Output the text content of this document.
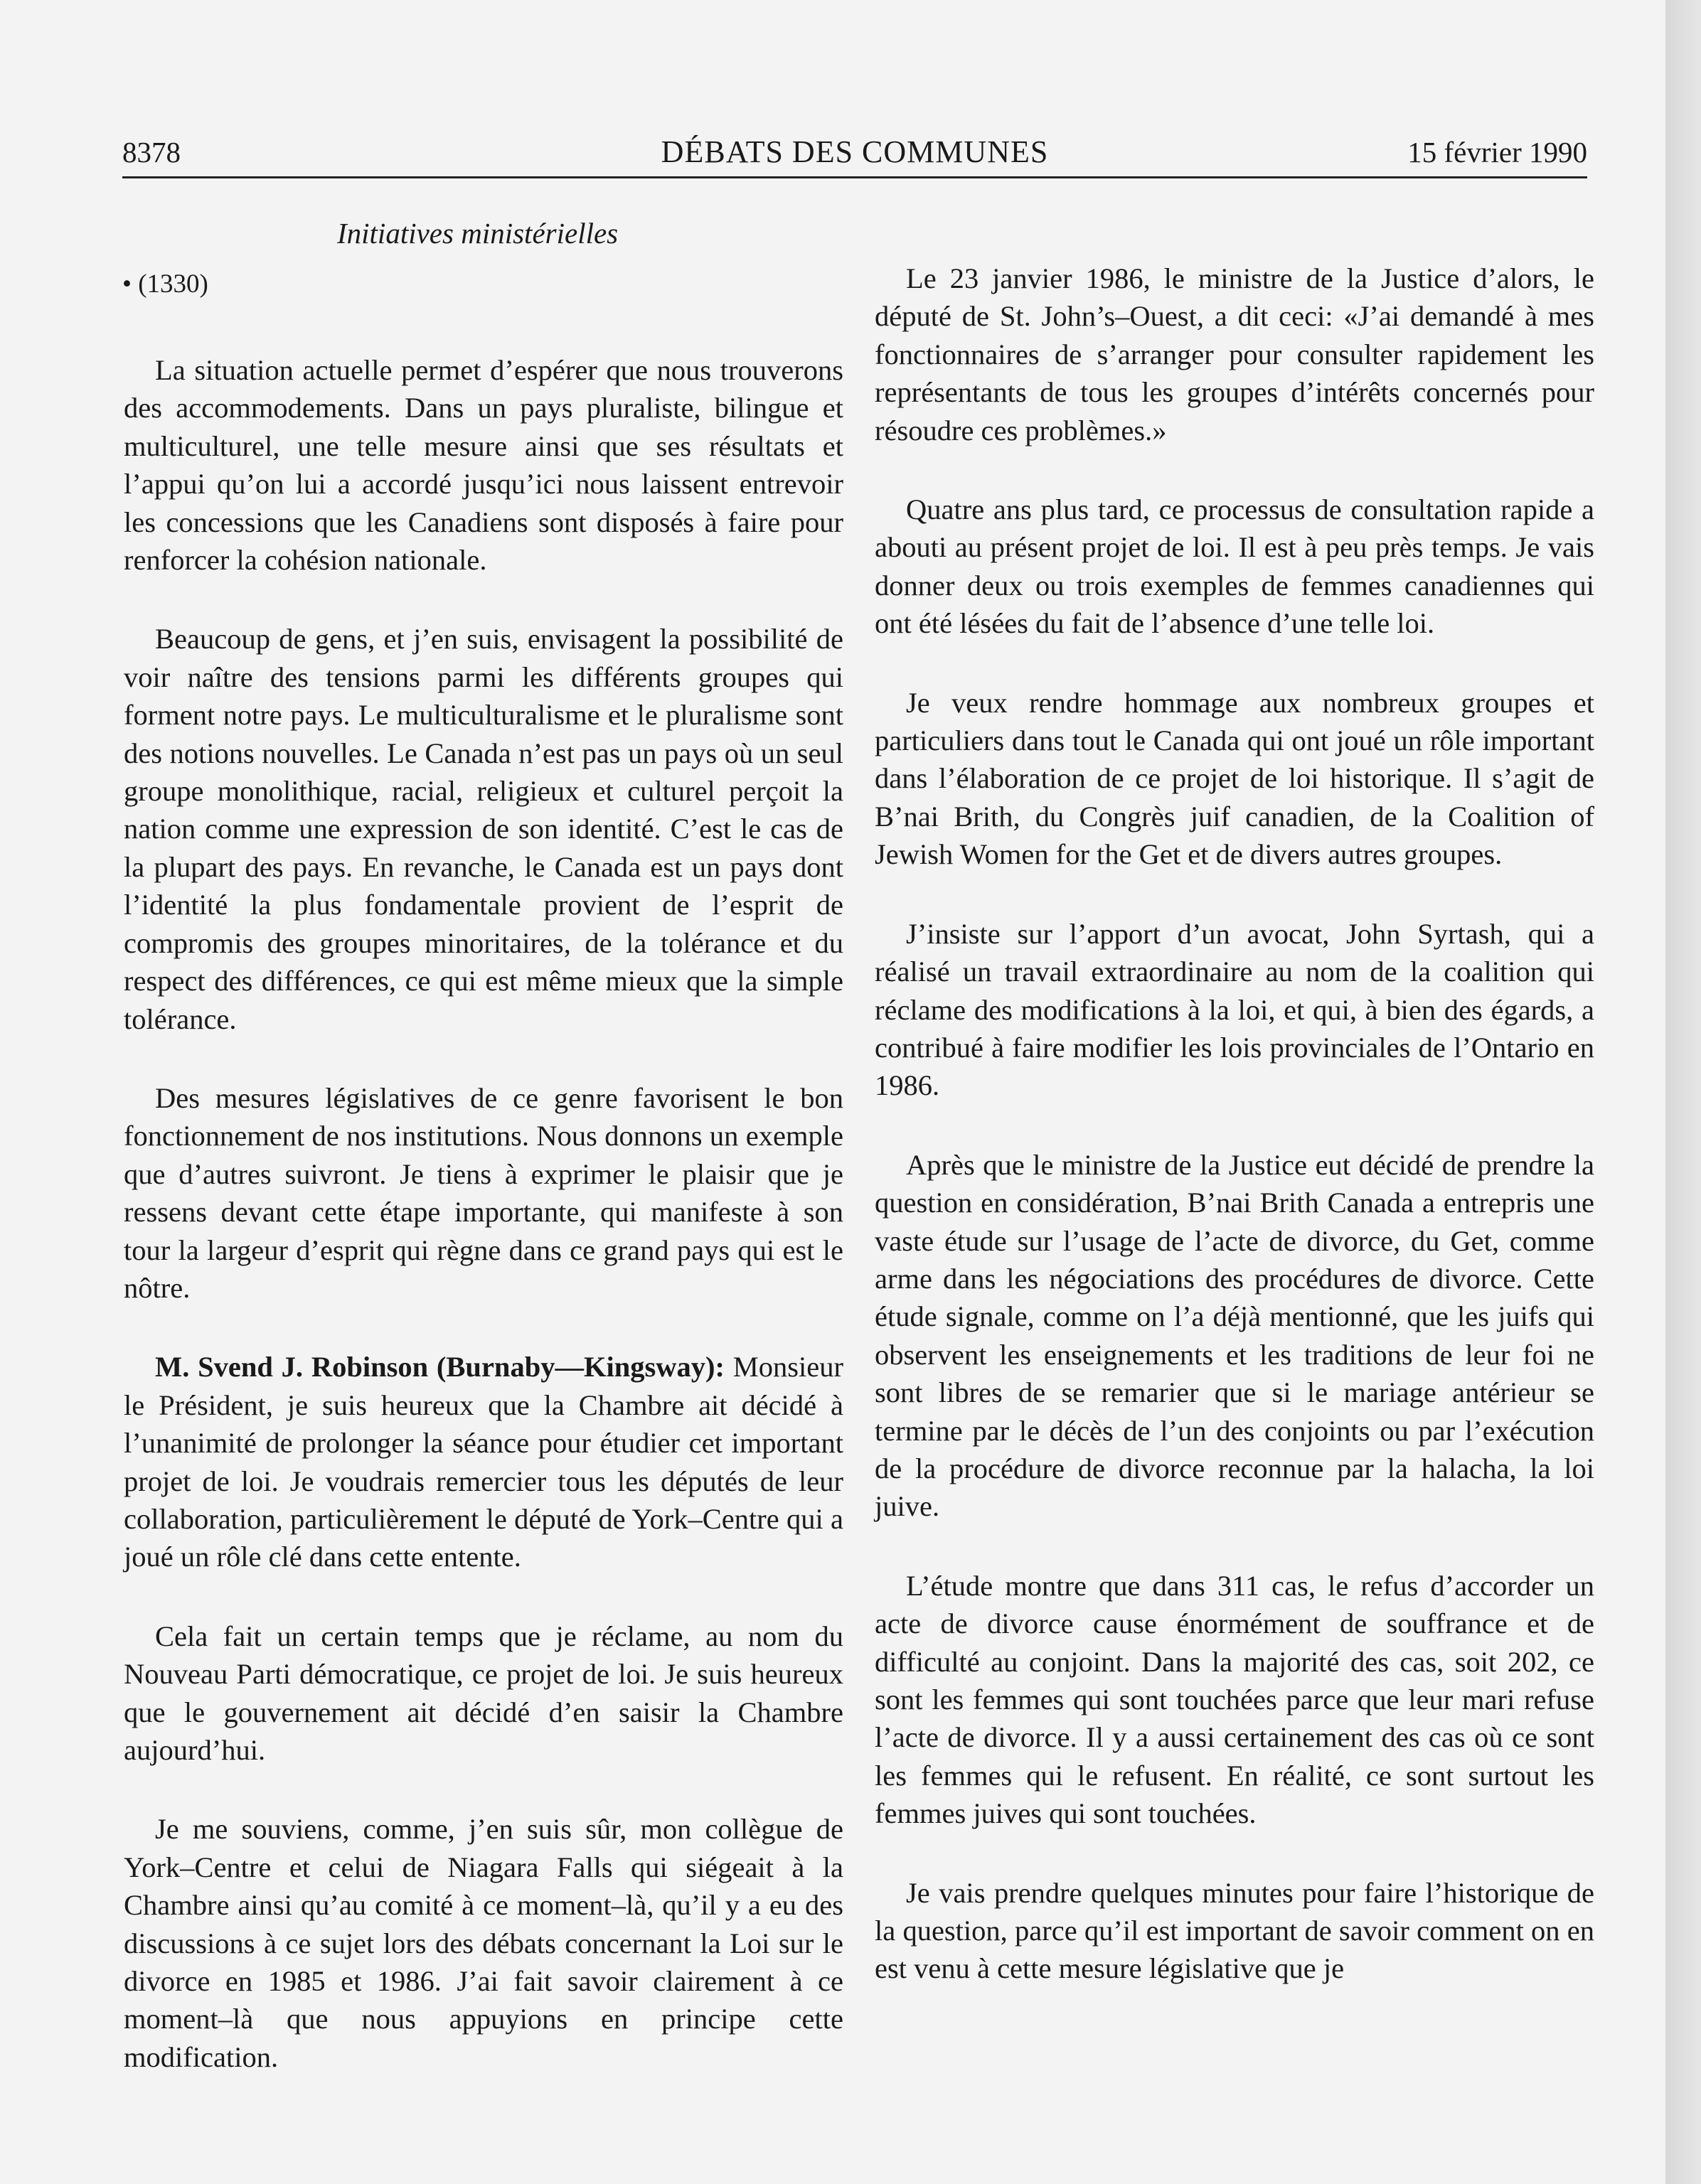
8378	DÉBATS DES COMMUNES	15 février 1990
Initiatives ministérielles
• (1330)

La situation actuelle permet d’espérer que nous trouverons des accommodements. Dans un pays pluraliste, bilingue et multiculturel, une telle mesure ainsi que ses résultats et l’appui qu’on lui a accordé jusqu’ici nous laissent entrevoir les concessions que les Canadiens sont disposés à faire pour renforcer la cohésion nationale.

Beaucoup de gens, et j’en suis, envisagent la possibilité de voir naître des tensions parmi les différents groupes qui forment notre pays. Le multiculturalisme et le pluralisme sont des notions nouvelles. Le Canada n’est pas un pays où un seul groupe monolithique, racial, religieux et culturel perçoit la nation comme une expression de son identité. C’est le cas de la plupart des pays. En revanche, le Canada est un pays dont l’identité la plus fondamentale provient de l’esprit de compromis des groupes minoritaires, de la tolérance et du respect des différences, ce qui est même mieux que la simple tolérance.

Des mesures législatives de ce genre favorisent le bon fonctionnement de nos institutions. Nous donnons un exemple que d’autres suivront. Je tiens à exprimer le plaisir que je ressens devant cette étape importante, qui manifeste à son tour la largeur d’esprit qui règne dans ce grand pays qui est le nôtre.

M. Svend J. Robinson (Burnaby—Kingsway): Monsieur le Président, je suis heureux que la Chambre ait décidé à l’unanimité de prolonger la séance pour étudier cet important projet de loi. Je voudrais remercier tous les députés de leur collaboration, particulièrement le député de York–Centre qui a joué un rôle clé dans cette entente.

Cela fait un certain temps que je réclame, au nom du Nouveau Parti démocratique, ce projet de loi. Je suis heureux que le gouvernement ait décidé d’en saisir la Chambre aujourd’hui.

Je me souviens, comme, j’en suis sûr, mon collègue de York–Centre et celui de Niagara Falls qui siégeait à la Chambre ainsi qu’au comité à ce moment–là, qu’il y a eu des discussions à ce sujet lors des débats concernant la Loi sur le divorce en 1985 et 1986. J’ai fait savoir clairement à ce moment–là que nous appuyions en principe cette modification.

Le 23 janvier 1986, le ministre de la Justice d’alors, le député de St. John’s–Ouest, a dit ceci: «J’ai demandé à mes fonctionnaires de s’arranger pour consulter rapidement les représentants de tous les groupes d’intérêts concernés pour résoudre ces problèmes.»

Quatre ans plus tard, ce processus de consultation rapide a abouti au présent projet de loi. Il est à peu près temps. Je vais donner deux ou trois exemples de femmes canadiennes qui ont été lésées du fait de l’absence d’une telle loi.

Je veux rendre hommage aux nombreux groupes et particuliers dans tout le Canada qui ont joué un rôle important dans l’élaboration de ce projet de loi historique. Il s’agit de B’nai Brith, du Congrès juif canadien, de la Coalition of Jewish Women for the Get et de divers autres groupes.

J’insiste sur l’apport d’un avocat, John Syrtash, qui a réalisé un travail extraordinaire au nom de la coalition qui réclame des modifications à la loi, et qui, à bien des égards, a contribué à faire modifier les lois provinciales de l’Ontario en 1986.

Après que le ministre de la Justice eut décidé de prendre la question en considération, B’nai Brith Canada a entrepris une vaste étude sur l’usage de l’acte de divorce, du Get, comme arme dans les négociations des procédures de divorce. Cette étude signale, comme on l’a déjà mentionné, que les juifs qui observent les enseignements et les traditions de leur foi ne sont libres de se remarier que si le mariage antérieur se termine par le décès de l’un des conjoints ou par l’exécution de la procédure de divorce reconnue par la halacha, la loi juive.

L’étude montre que dans 311 cas, le refus d’accorder un acte de divorce cause énormément de souffrance et de difficulté au conjoint. Dans la majorité des cas, soit 202, ce sont les femmes qui sont touchées parce que leur mari refuse l’acte de divorce. Il y a aussi certainement des cas où ce sont les femmes qui le refusent. En réalité, ce sont surtout les femmes juives qui sont touchées.

Je vais prendre quelques minutes pour faire l’historique de la question, parce qu’il est important de savoir comment on en est venu à cette mesure législative que je
